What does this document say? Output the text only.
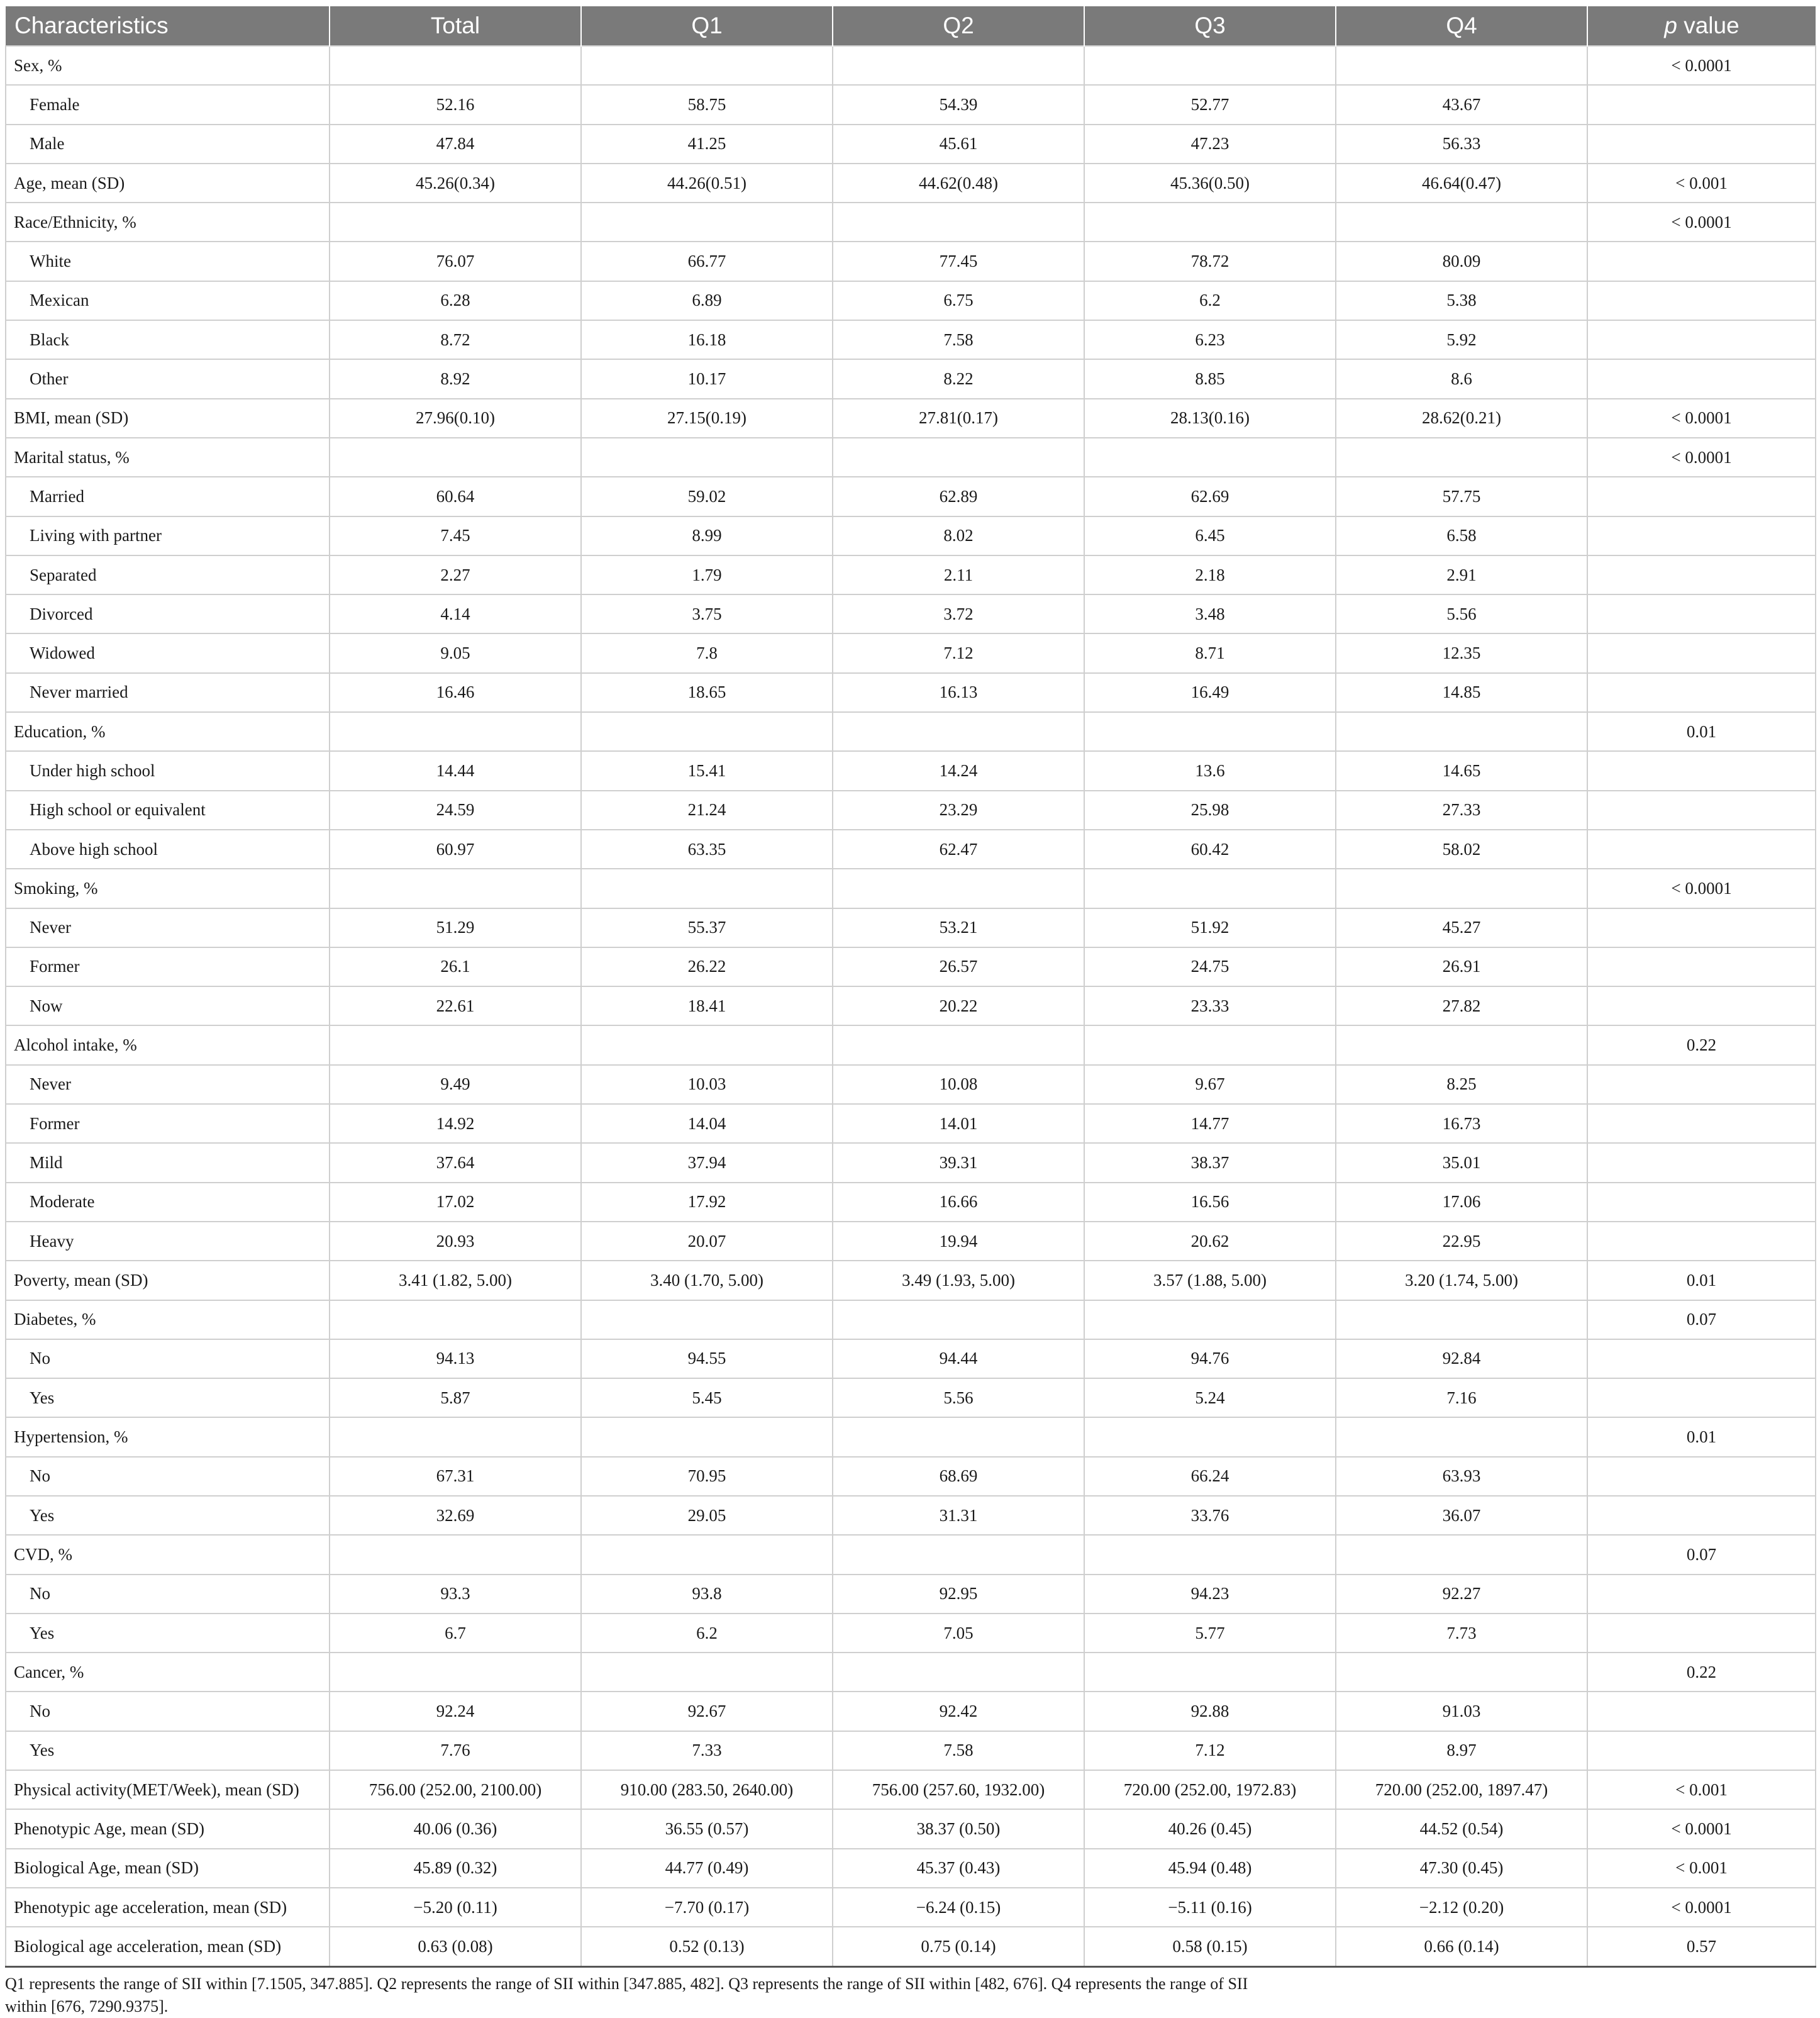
Characteristics	Total	Q1	Q2	Q3	Q4	p value
Sex, %						< 0.0001
Female	52.16	58.75	54.39	52.77	43.67	
Male	47.84	41.25	45.61	47.23	56.33	
Age, mean (SD)	45.26(0.34)	44.26(0.51)	44.62(0.48)	45.36(0.50)	46.64(0.47)	< 0.001
Race/Ethnicity, %						< 0.0001
White	76.07	66.77	77.45	78.72	80.09	
Mexican	6.28	6.89	6.75	6.2	5.38	
Black	8.72	16.18	7.58	6.23	5.92	
Other	8.92	10.17	8.22	8.85	8.6	
BMI, mean (SD)	27.96(0.10)	27.15(0.19)	27.81(0.17)	28.13(0.16)	28.62(0.21)	< 0.0001
Marital status, %						< 0.0001
Married	60.64	59.02	62.89	62.69	57.75	
Living with partner	7.45	8.99	8.02	6.45	6.58	
Separated	2.27	1.79	2.11	2.18	2.91	
Divorced	4.14	3.75	3.72	3.48	5.56	
Widowed	9.05	7.8	7.12	8.71	12.35	
Never married	16.46	18.65	16.13	16.49	14.85	
Education, %						0.01
Under high school	14.44	15.41	14.24	13.6	14.65	
High school or equivalent	24.59	21.24	23.29	25.98	27.33	
Above high school	60.97	63.35	62.47	60.42	58.02	
Smoking, %						< 0.0001
Never	51.29	55.37	53.21	51.92	45.27	
Former	26.1	26.22	26.57	24.75	26.91	
Now	22.61	18.41	20.22	23.33	27.82	
Alcohol intake, %						0.22
Never	9.49	10.03	10.08	9.67	8.25	
Former	14.92	14.04	14.01	14.77	16.73	
Mild	37.64	37.94	39.31	38.37	35.01	
Moderate	17.02	17.92	16.66	16.56	17.06	
Heavy	20.93	20.07	19.94	20.62	22.95	
Poverty, mean (SD)	3.41 (1.82, 5.00)	3.40 (1.70, 5.00)	3.49 (1.93, 5.00)	3.57 (1.88, 5.00)	3.20 (1.74, 5.00)	0.01
Diabetes, %						0.07
No	94.13	94.55	94.44	94.76	92.84	
Yes	5.87	5.45	5.56	5.24	7.16	
Hypertension, %						0.01
No	67.31	70.95	68.69	66.24	63.93	
Yes	32.69	29.05	31.31	33.76	36.07	
CVD, %						0.07
No	93.3	93.8	92.95	94.23	92.27	
Yes	6.7	6.2	7.05	5.77	7.73	
Cancer, %						0.22
No	92.24	92.67	92.42	92.88	91.03	
Yes	7.76	7.33	7.58	7.12	8.97	
Physical activity(MET/Week), mean (SD)	756.00 (252.00, 2100.00)	910.00 (283.50, 2640.00)	756.00 (257.60, 1932.00)	720.00 (252.00, 1972.83)	720.00 (252.00, 1897.47)	< 0.001
Phenotypic Age, mean (SD)	40.06 (0.36)	36.55 (0.57)	38.37 (0.50)	40.26 (0.45)	44.52 (0.54)	< 0.0001
Biological Age, mean (SD)	45.89 (0.32)	44.77 (0.49)	45.37 (0.43)	45.94 (0.48)	47.30 (0.45)	< 0.001
Phenotypic age acceleration, mean (SD)	−5.20 (0.11)	−7.70 (0.17)	−6.24 (0.15)	−5.11 (0.16)	−2.12 (0.20)	< 0.0001
Biological age acceleration, mean (SD)	0.63 (0.08)	0.52 (0.13)	0.75 (0.14)	0.58 (0.15)	0.66 (0.14)	0.57
Q1 represents the range of SII within [7.1505, 347.885]. Q2 represents the range of SII within [347.885, 482]. Q3 represents the range of SII within [482, 676]. Q4 represents the range of SII within [676, 7290.9375].
